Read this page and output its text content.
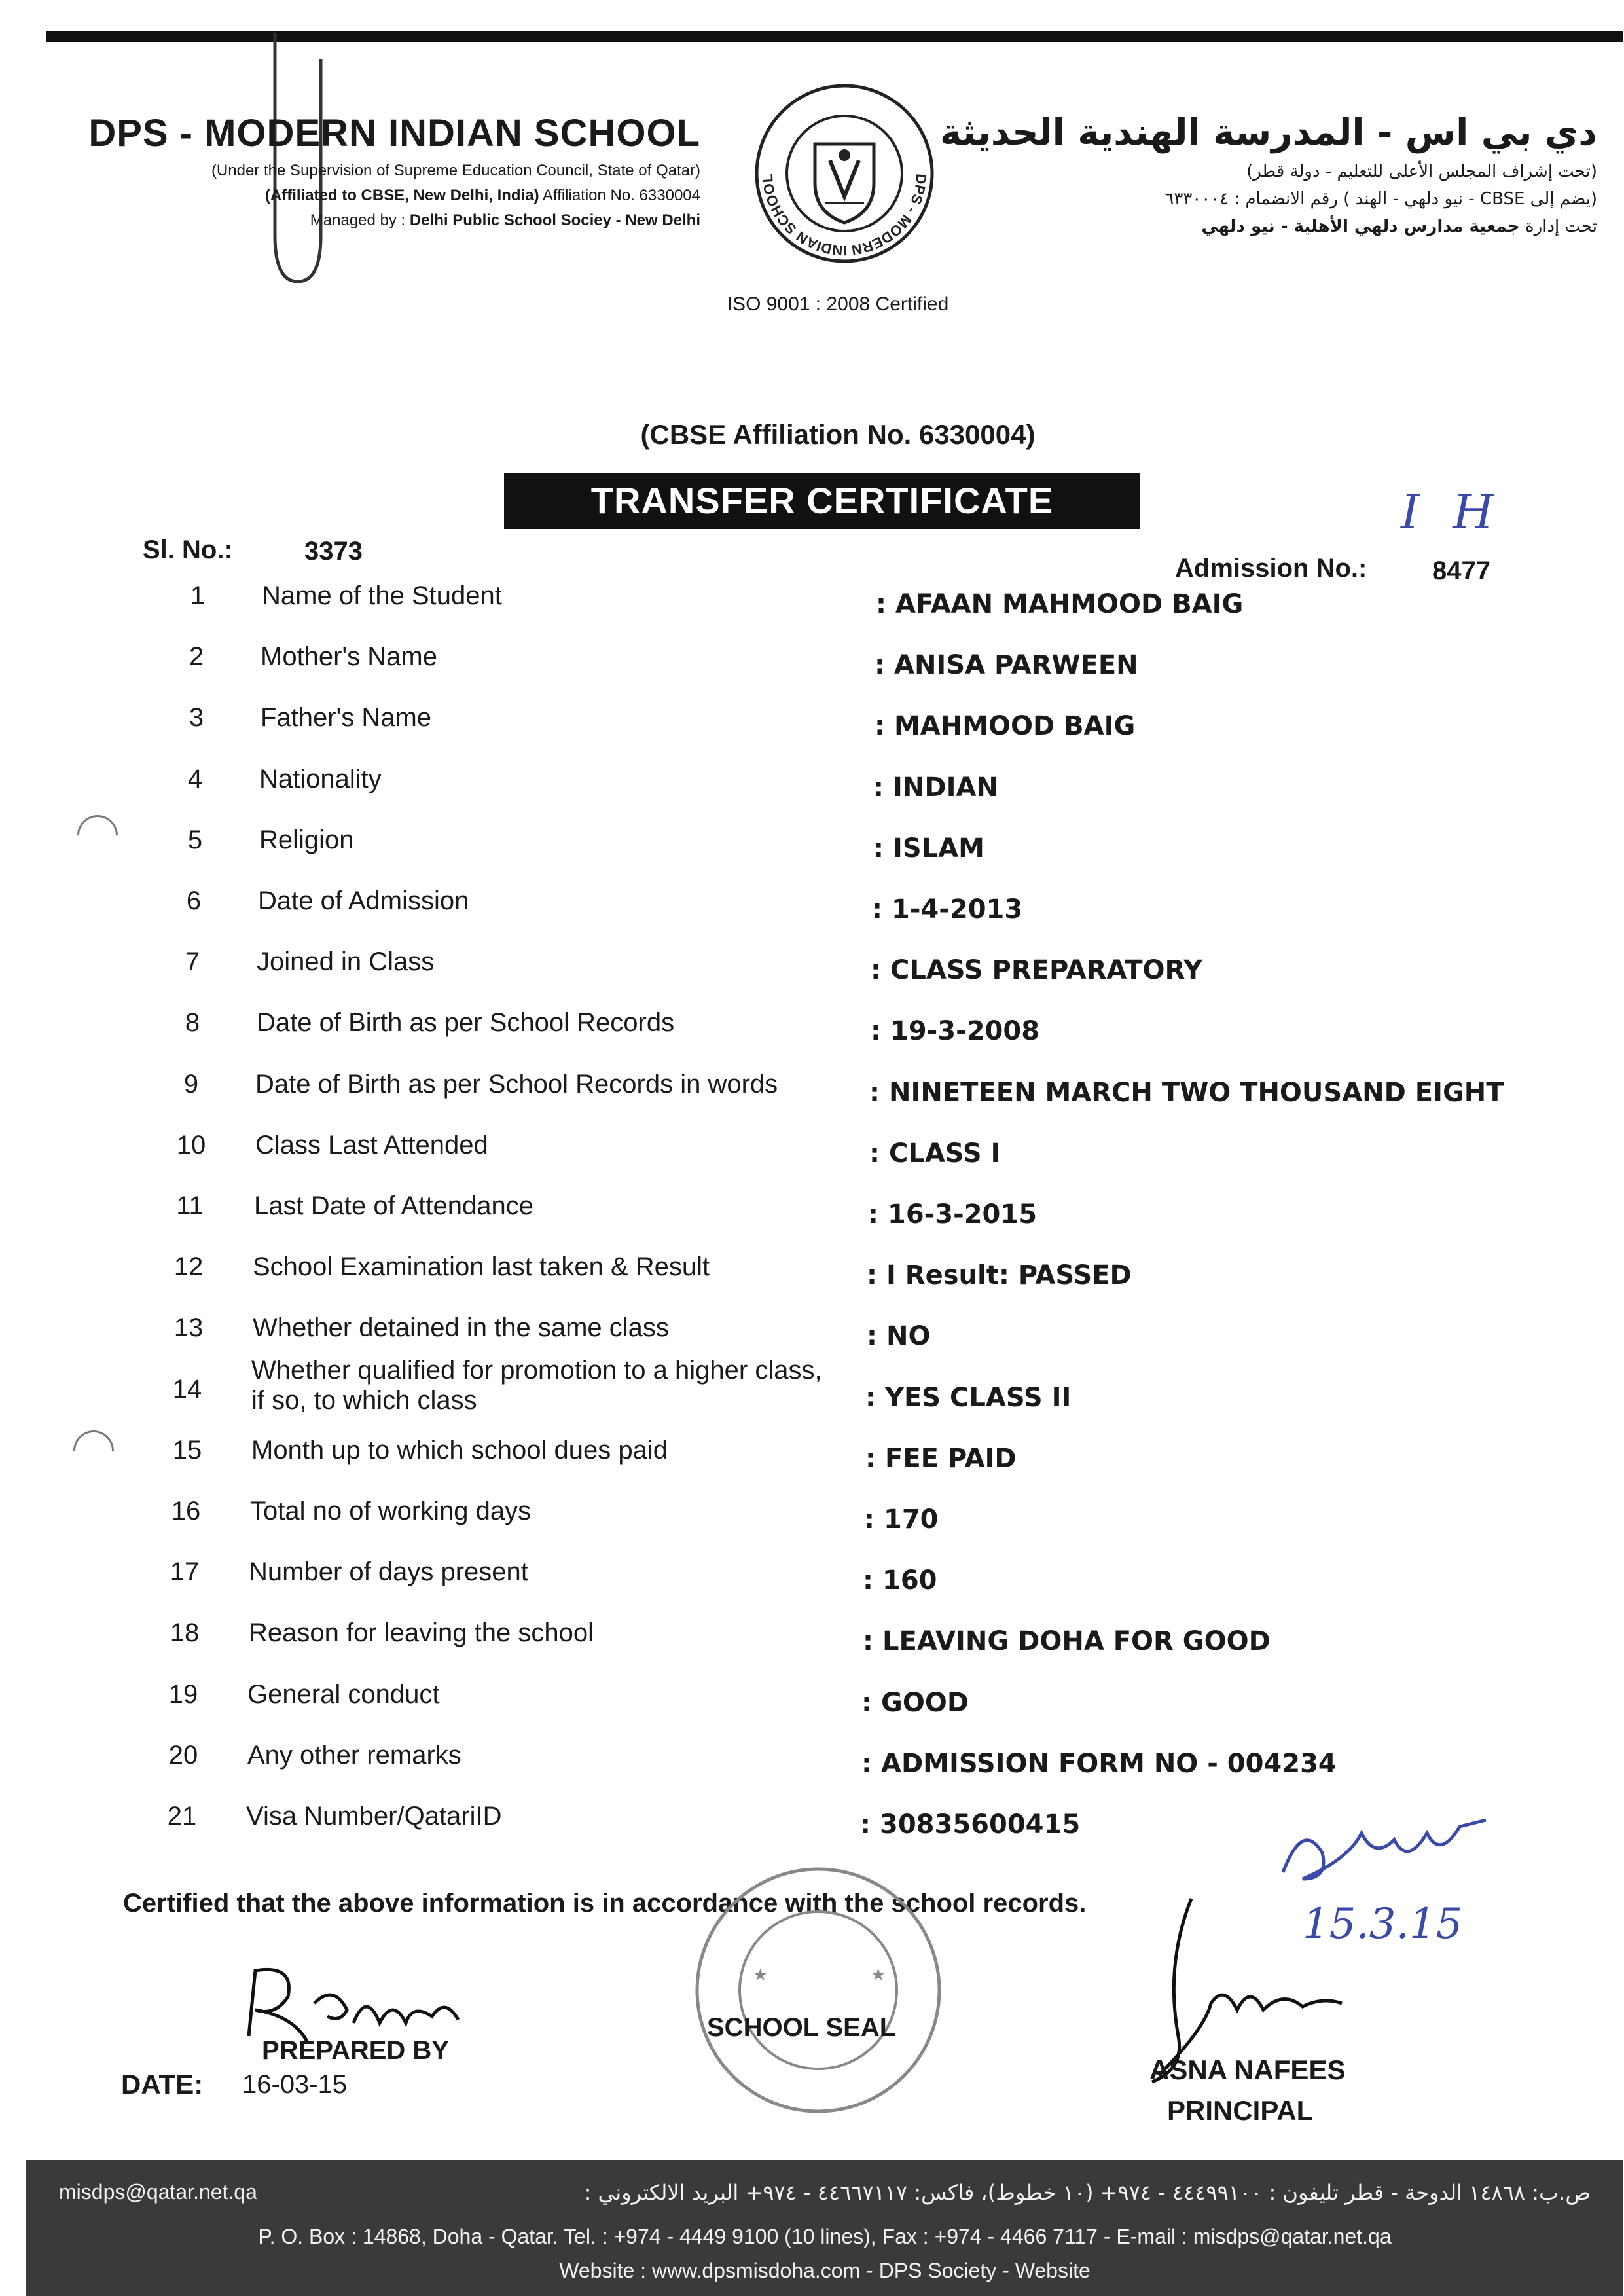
DPS - MODERN INDIAN SCHOOL
(Under the Supervision of Supreme Education Council, State of Qatar)
(Affiliated to CBSE, New Delhi, India) Affiliation No. 6330004
Managed by : Delhi Public School Sociey - New Delhi
DPS - MODERN INDIAN SCHOOL
دي بي اس - المدرسة الهندية الحديثة
(تحت إشراف المجلس الأعلى للتعليم - دولة قطر)
(يضم إلى CBSE - نيو دلهي - الهند ) رقم الانضمام : ٦٣٣٠٠٠٤
تحت إدارة جمعية مدارس دلهي الأهلية - نيو دلهي
ISO 9001 : 2008 Certified
(CBSE Affiliation No. 6330004)
TRANSFER CERTIFICATE	I H
Sl. No.:	3373
Admission No.: 8477
1	Name of the Student	: AFAAN MAHMOOD BAIG
2	Mother's Name	: ANISA PARWEEN
3	Father's Name	: MAHMOOD BAIG
4	Nationality	: INDIAN
5	Religion	: ISLAM
6	Date of Admission	: 1-4-2013
7	Joined in Class	: CLASS PREPARATORY
8	Date of Birth as per School Records	: 19-3-2008
9	Date of Birth as per School Records in words	: NINETEEN MARCH TWO THOUSAND EIGHT
10	Class Last Attended	: CLASS I
11	Last Date of Attendance	: 16-3-2015
12	School Examination last taken & Result	: I Result: PASSED
13	Whether detained in the same class	: NO
14
Whether qualified for promotion to a higher class,
if so, to which class	: YES CLASS II
15	Month up to which school dues paid	: FEE PAID
16	Total no of working days	: 170
17	Number of days present	: 160
18	Reason for leaving the school	: LEAVING DOHA FOR GOOD
19	General conduct	: GOOD
20	Any other remarks	: ADMISSION FORM NO - 004234
21	Visa Number/QatariID	: 30835600415
Certified that the above information is in accordance with the school records.
★	★
SCHOOL SEAL
PREPARED BY
DATE: 16-03-15
15.3.15
ASNA NAFEES
PRINCIPAL
misdps@qatar.net.qa	ص.ب: ١٤٨٦٨ الدوحة - قطر تليفون : ٤٤٤٩٩١٠٠ - ٩٧٤+ (١٠ خطوط)، فاكس: ٤٤٦٦٧١١٧ - ٩٧٤+ البريد الالكتروني :
P. O. Box : 14868, Doha - Qatar. Tel. : +974 - 4449 9100 (10 lines), Fax : +974 - 4466 7117 - E-mail : misdps@qatar.net.qa
Website : www.dpsmisdoha.com - DPS Society - Website
